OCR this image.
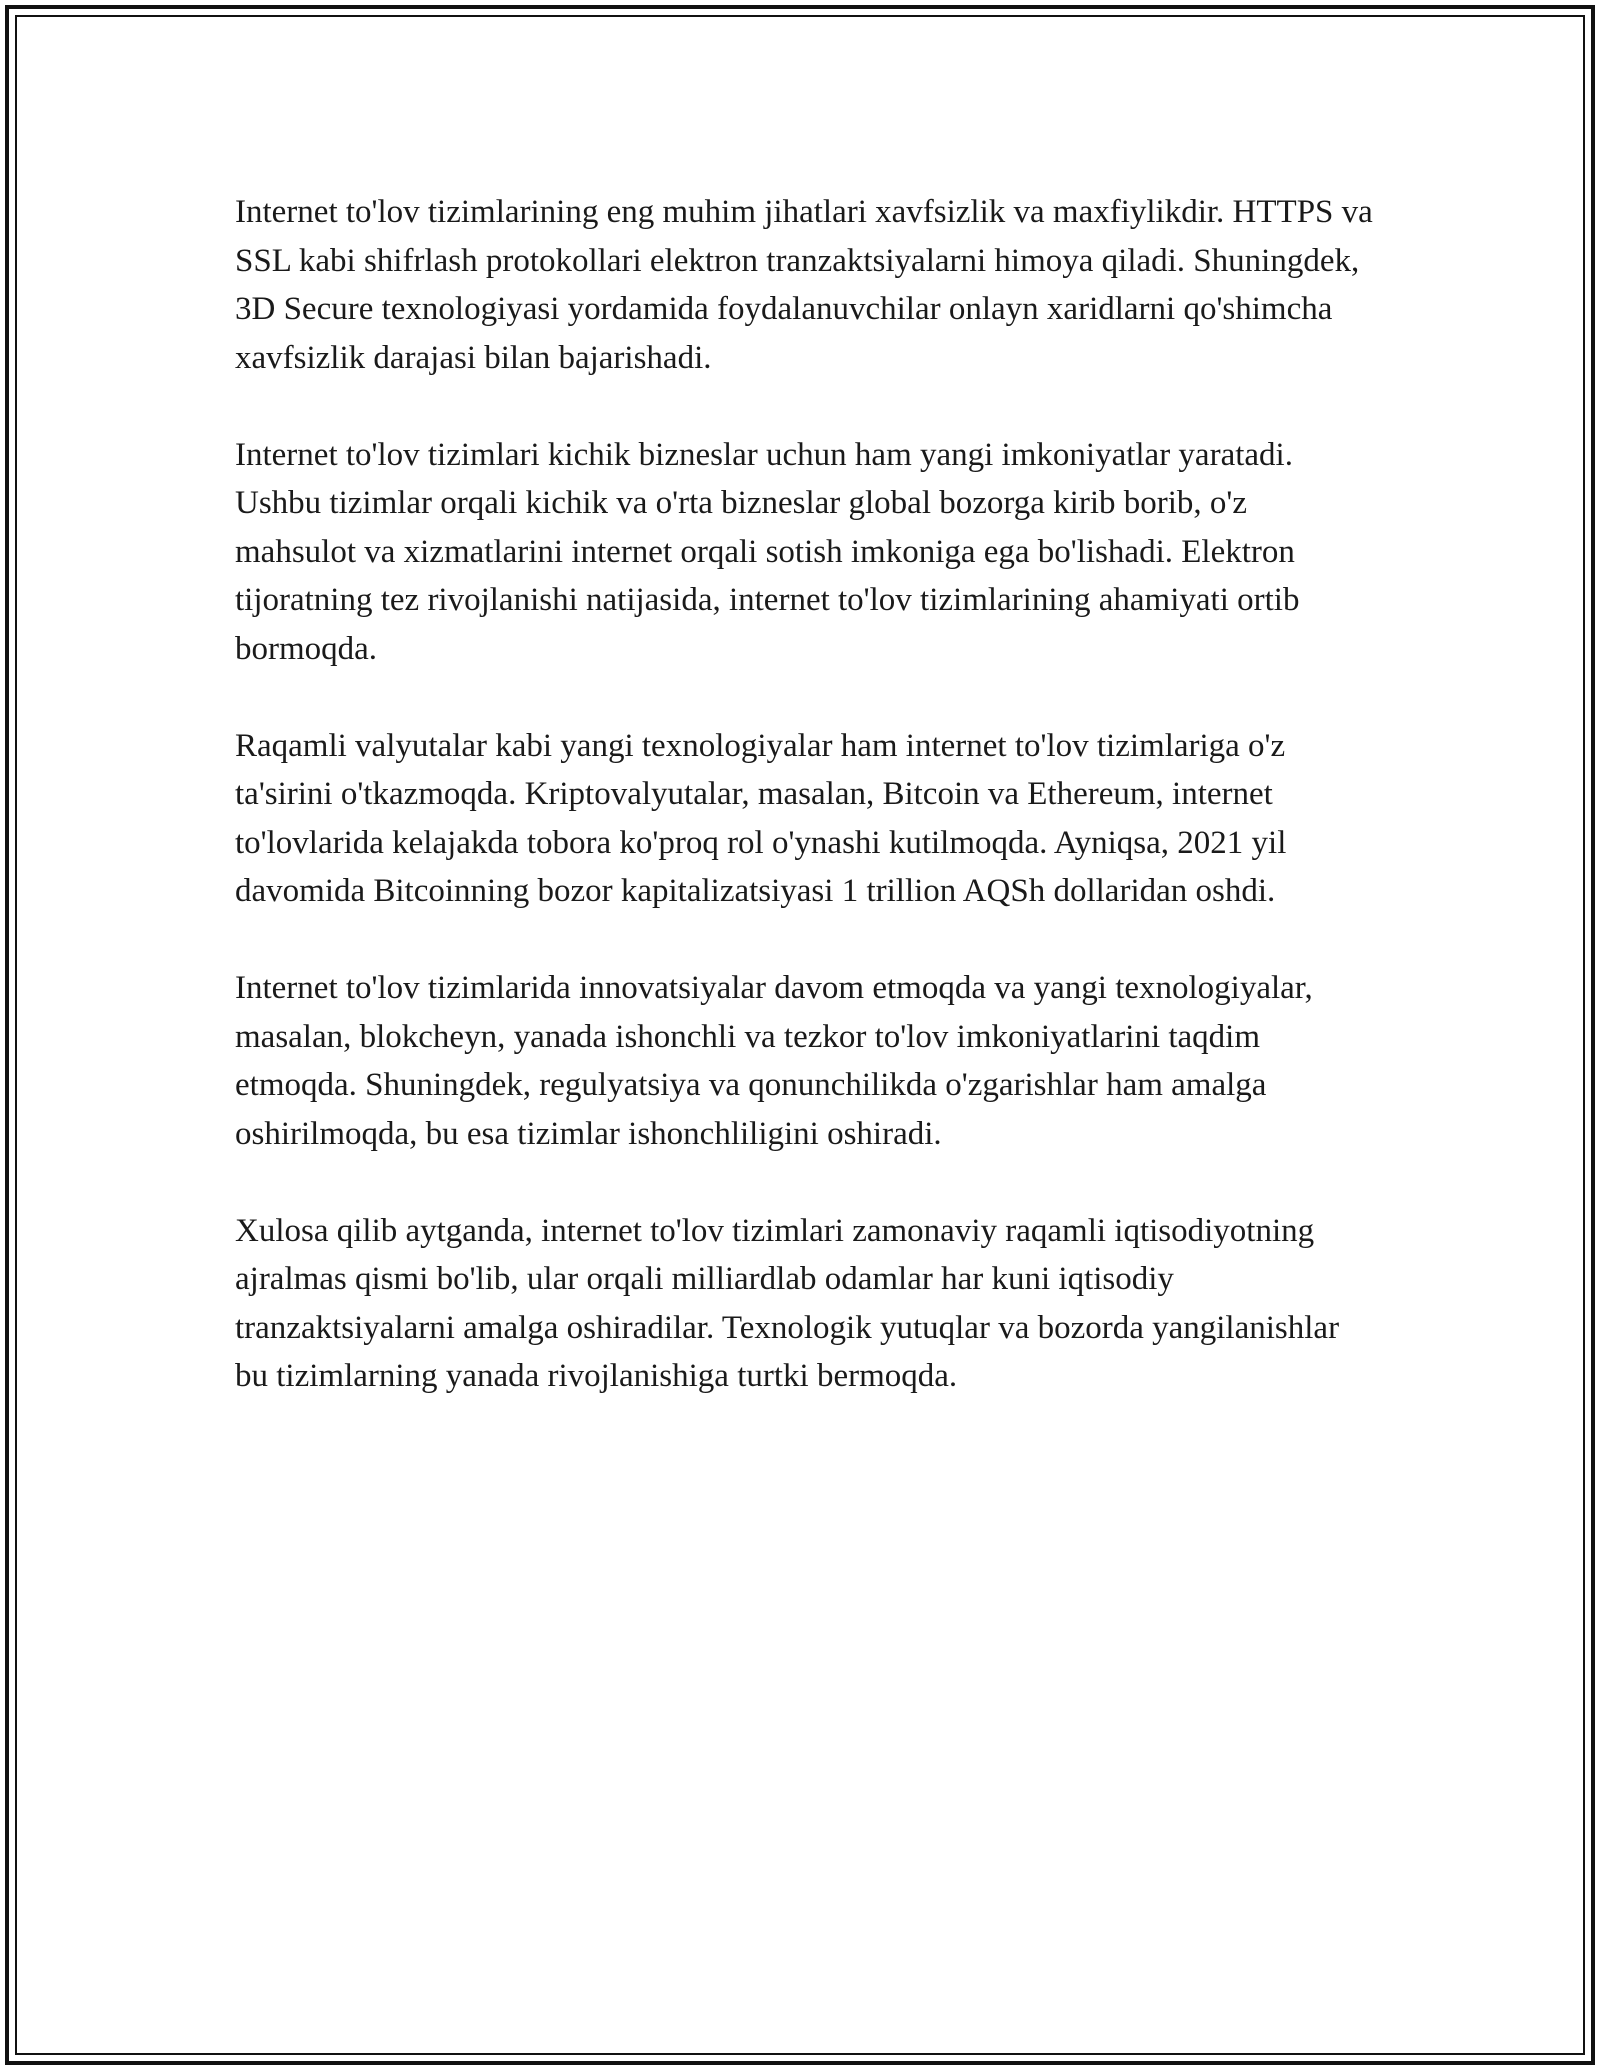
Internet to'lov tizimlarining eng muhim jihatlari xavfsizlik va maxfiylikdir. HTTPS va SSL kabi shifrlash protokollari elektron tranzaktsiyalarni himoya qiladi. Shuningdek, 3D Secure texnologiyasi yordamida foydalanuvchilar onlayn xaridlarni qo'shimcha xavfsizlik darajasi bilan bajarishadi.

Internet to'lov tizimlari kichik bizneslar uchun ham yangi imkoniyatlar yaratadi. Ushbu tizimlar orqali kichik va o'rta bizneslar global bozorga kirib borib, o'z mahsulot va xizmatlarini internet orqali sotish imkoniga ega bo'lishadi. Elektron tijoratning tez rivojlanishi natijasida, internet to'lov tizimlarining ahamiyati ortib bormoqda.

Raqamli valyutalar kabi yangi texnologiyalar ham internet to'lov tizimlariga o'z ta'sirini o'tkazmoqda. Kriptovalyutalar, masalan, Bitcoin va Ethereum, internet to'lovlarida kelajakda tobora ko'proq rol o'ynashi kutilmoqda. Ayniqsa, 2021 yil davomida Bitcoinning bozor kapitalizatsiyasi 1 trillion AQSh dollaridan oshdi.

Internet to'lov tizimlarida innovatsiyalar davom etmoqda va yangi texnologiyalar, masalan, blokcheyn, yanada ishonchli va tezkor to'lov imkoniyatlarini taqdim etmoqda. Shuningdek, regulyatsiya va qonunchilikda o'zgarishlar ham amalga oshirilmoqda, bu esa tizimlar ishonchliligini oshiradi.

Xulosa qilib aytganda, internet to'lov tizimlari zamonaviy raqamli iqtisodiyotning ajralmas qismi bo'lib, ular orqali milliardlab odamlar har kuni iqtisodiy tranzaktsiyalarni amalga oshiradilar. Texnologik yutuqlar va bozorda yangilanishlar bu tizimlarning yanada rivojlanishiga turtki bermoqda.
